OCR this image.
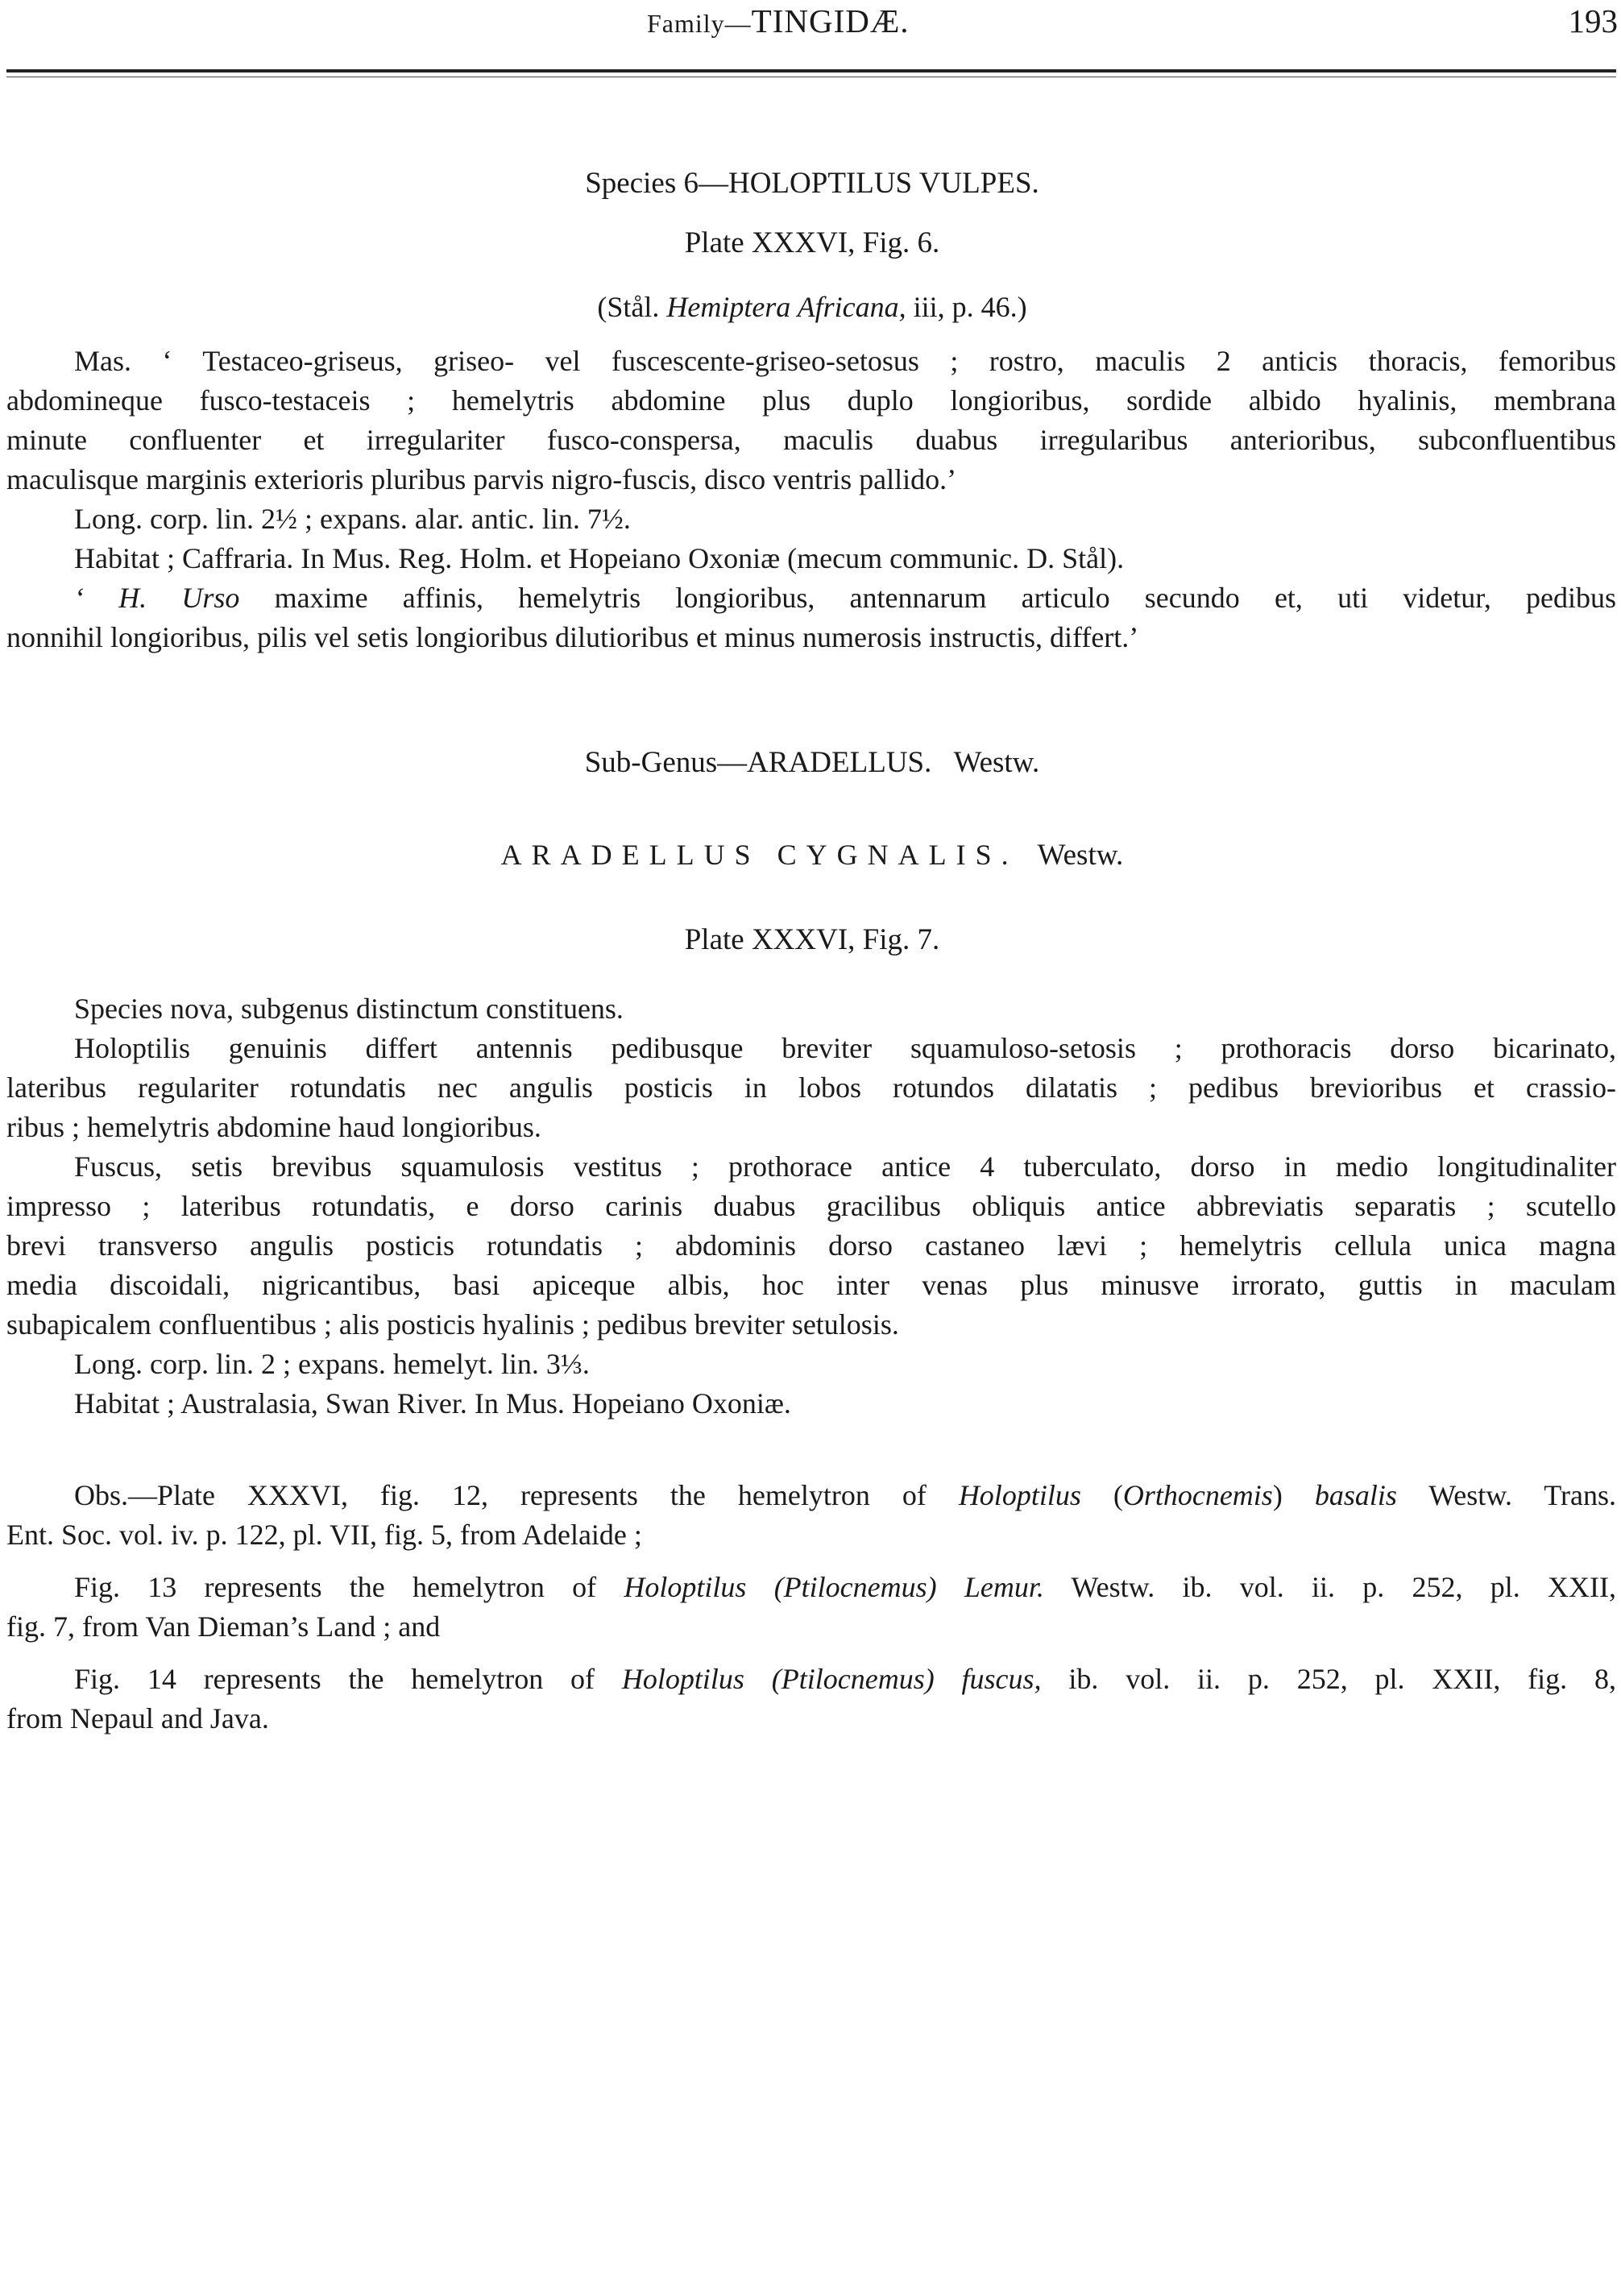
Family—TINGIDÆ.	193
Species 6—HOLOPTILUS VULPES.
Plate XXXVI, Fig. 6.
(Stål. Hemiptera Africana, iii, p. 46.)
Mas. ‘ Testaceo-griseus, griseo- vel fuscescente-griseo-setosus ; rostro, maculis 2 anticis thoracis, femoribus
abdomineque fusco-testaceis ; hemelytris abdomine plus duplo longioribus, sordide albido hyalinis, membrana
minute confluenter et irregulariter fusco-conspersa, maculis duabus irregularibus anterioribus, subconfluentibus
maculisque marginis exterioris pluribus parvis nigro-fuscis, disco ventris pallido.’
Long. corp. lin. 2½ ; expans. alar. antic. lin. 7½.
Habitat ; Caffraria. In Mus. Reg. Holm. et Hopeiano Oxoniæ (mecum communic. D. Stål).
‘ H. Urso maxime affinis, hemelytris longioribus, antennarum articulo secundo et, uti videtur, pedibus
nonnihil longioribus, pilis vel setis longioribus dilutioribus et minus numerosis instructis, differt.’
Sub-Genus—ARADELLUS. Westw.
ARADELLUS CYGNALIS. Westw.
Plate XXXVI, Fig. 7.
Species nova, subgenus distinctum constituens.
Holoptilis genuinis differt antennis pedibusque breviter squamuloso-setosis ; prothoracis dorso bicarinato,
lateribus regulariter rotundatis nec angulis posticis in lobos rotundos dilatatis ; pedibus brevioribus et crassio-
ribus ; hemelytris abdomine haud longioribus.
Fuscus, setis brevibus squamulosis vestitus ; prothorace antice 4 tuberculato, dorso in medio longitudinaliter
impresso ; lateribus rotundatis, e dorso carinis duabus gracilibus obliquis antice abbreviatis separatis ; scutello
brevi transverso angulis posticis rotundatis ; abdominis dorso castaneo lævi ; hemelytris cellula unica magna
media discoidali, nigricantibus, basi apiceque albis, hoc inter venas plus minusve irrorato, guttis in maculam
subapicalem confluentibus ; alis posticis hyalinis ; pedibus breviter setulosis.
Long. corp. lin. 2 ; expans. hemelyt. lin. 3⅓.
Habitat ; Australasia, Swan River. In Mus. Hopeiano Oxoniæ.
Obs.—Plate XXXVI, fig. 12, represents the hemelytron of Holoptilus (Orthocnemis) basalis Westw. Trans.
Ent. Soc. vol. iv. p. 122, pl. VII, fig. 5, from Adelaide ;
Fig. 13 represents the hemelytron of Holoptilus (Ptilocnemus) Lemur. Westw. ib. vol. ii. p. 252, pl. XXII,
fig. 7, from Van Dieman’s Land ; and
Fig. 14 represents the hemelytron of Holoptilus (Ptilocnemus) fuscus, ib. vol. ii. p. 252, pl. XXII, fig. 8,
from Nepaul and Java.
